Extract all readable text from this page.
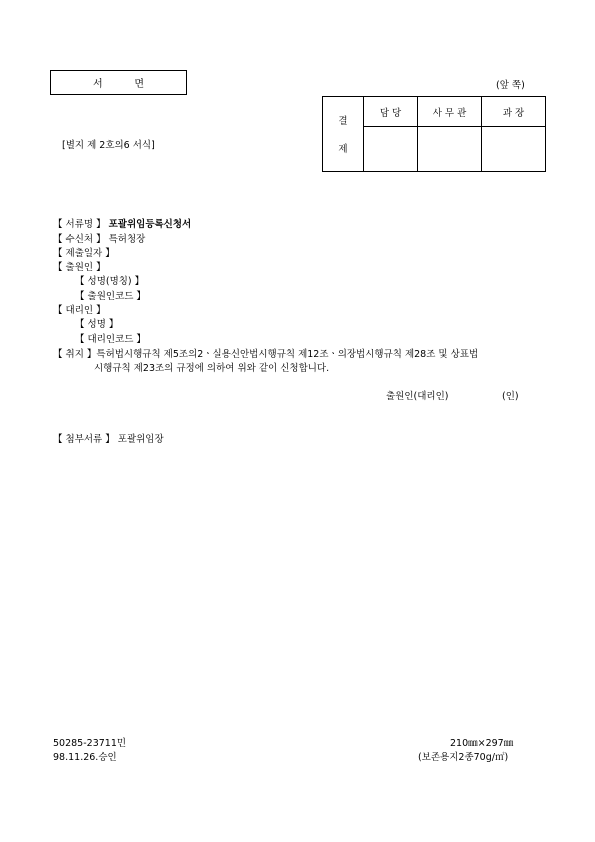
서          면	(앞 쪽)
[별지 제 2호의6 서식]
결
제	담 당	사 무 관	과 장

【 서류명 】 포괄위임등록신청서
【 수신처 】 특허청장
【 제출일자 】
【 출원인 】
【 성명(명칭) 】
【 출원인코드 】
【 대리인 】
【 성명 】
【 대리인코드 】
【 취지 】특허법시행규칙 제5조의2ㆍ실용신안법시행규칙 제12조ㆍ의장법시행규칙 제28조 및 상표법
시행규칙 제23조의 규정에 의하여 위와 같이 신청합니다.
출원인(대리인)	(인)
【 첨부서류 】 포괄위임장
50285-23711민
98.11.26.승인
210㎜×297㎜
(보존용지2종70g/㎡)
